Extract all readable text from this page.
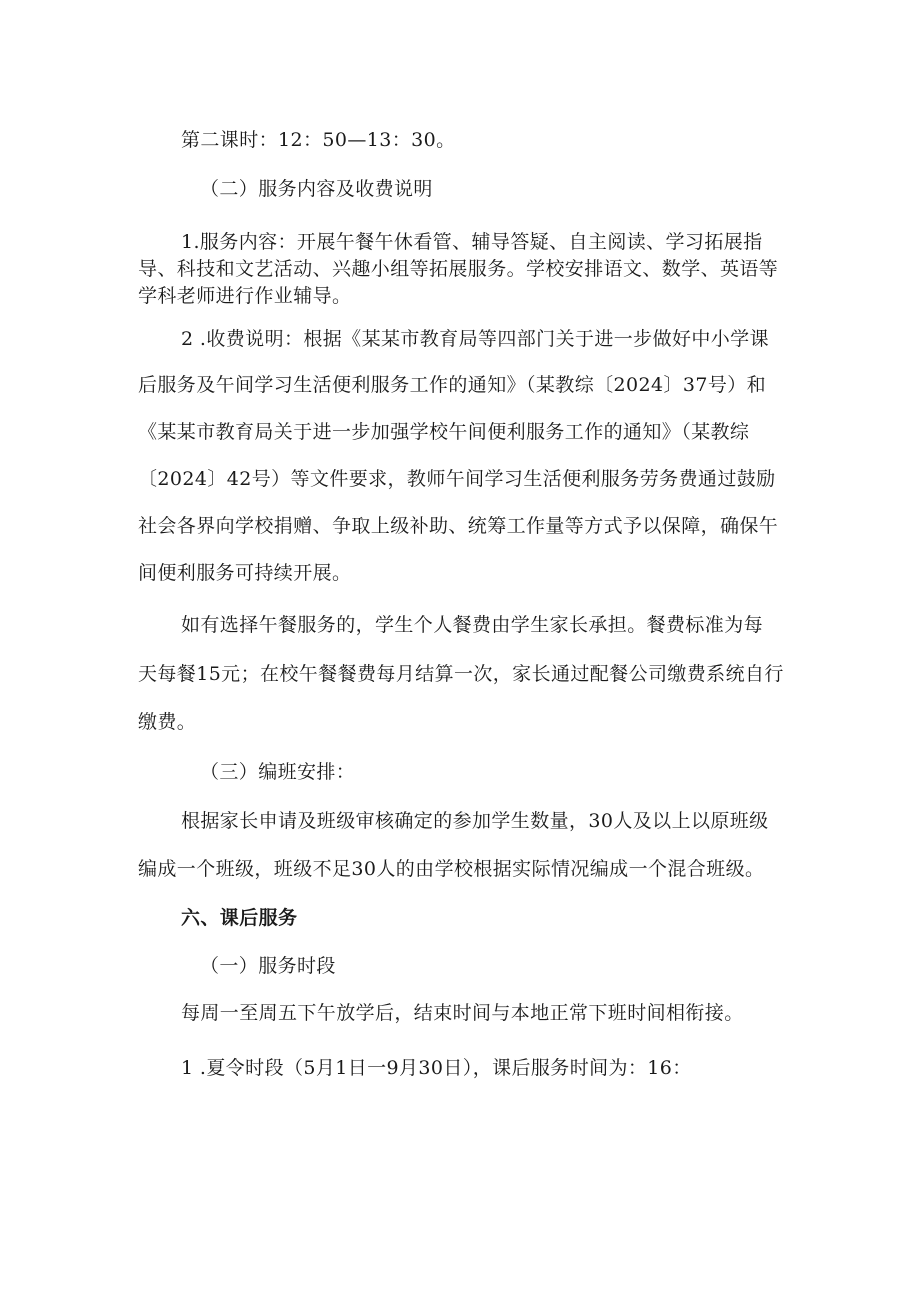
第二课时：12：50—13：30。
（二）服务内容及收费说明
1.服务内容：开展午餐午休看管、辅导答疑、自主阅读、学习拓展指
导、科技和文艺活动、兴趣小组等拓展服务。学校安排语文、数学、英语等
学科老师进行作业辅导。
2 .收费说明：根据《某某市教育局等四部门关于进一步做好中小学课
后服务及午间学习生活便利服务工作的通知》（某教综〔2024〕37号）和
《某某市教育局关于进一步加强学校午间便利服务工作的通知》（某教综
〔2024〕42号）等文件要求，教师午间学习生活便利服务劳务费通过鼓励
社会各界向学校捐赠、争取上级补助、统筹工作量等方式予以保障，确保午
间便利服务可持续开展。
如有选择午餐服务的，学生个人餐费由学生家长承担。餐费标准为每
天每餐15元；在校午餐餐费每月结算一次，家长通过配餐公司缴费系统自行
缴费。
（三）编班安排：
根据家长申请及班级审核确定的参加学生数量，30人及以上以原班级
编成一个班级，班级不足30人的由学校根据实际情况编成一个混合班级。
六、课后服务
（一）服务时段
每周一至周五下午放学后，结束时间与本地正常下班时间相衔接。
1 .夏令时段（5月1日一9月30日），课后服务时间为：16：
